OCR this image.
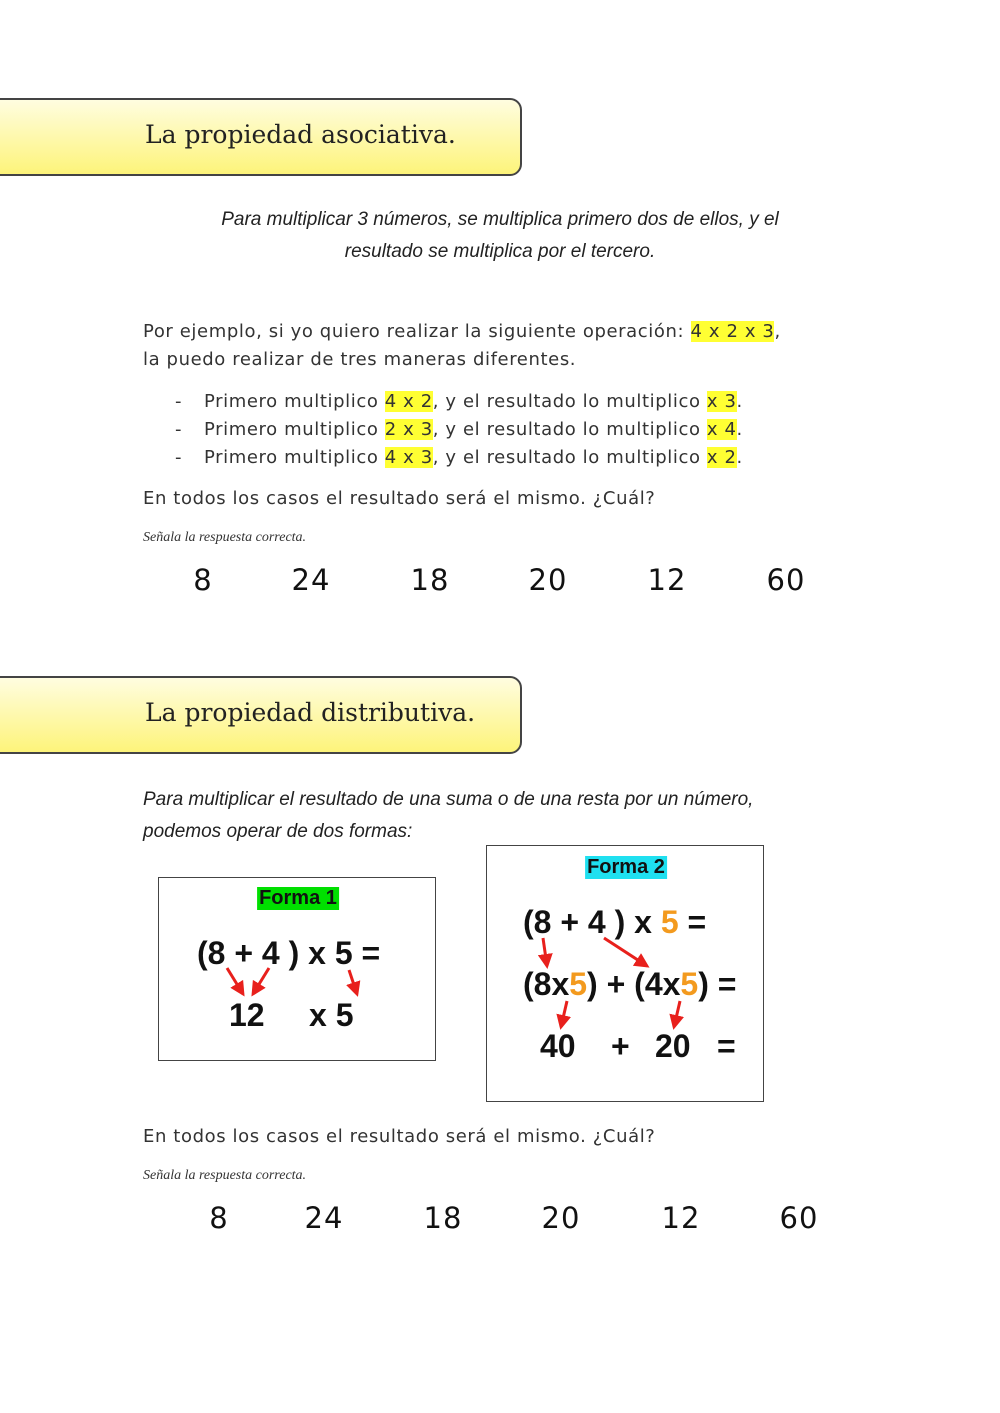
La propiedad asociativa.
Para multiplicar 3 números, se multiplica primero dos de ellos, y el
resultado se multiplica por el tercero.
Por ejemplo, si yo quiero realizar la siguiente operación: 4 x 2 x 3,
la puedo realizar de tres maneras diferentes.
- Primero multiplico 4 x 2, y el resultado lo multiplico x 3.
- Primero multiplico 2 x 3, y el resultado lo multiplico x 4.
- Primero multiplico 4 x 3, y el resultado lo multiplico x 2.
En todos los casos el resultado será el mismo. ¿Cuál?
Señala la respuesta correcta.
8	24	18	20	12	60
La propiedad distributiva.
Para multiplicar el resultado de una suma o de una resta por un número,
podemos operar de dos formas:
Forma 1
(8 + 4 ) x 5 =
12 x 5
Forma 2
(8 + 4 ) x 5 =
(8x5) + (4x5) =
40 + 20 =
En todos los casos el resultado será el mismo. ¿Cuál?
Señala la respuesta correcta.
8	24	18	20	12	60
